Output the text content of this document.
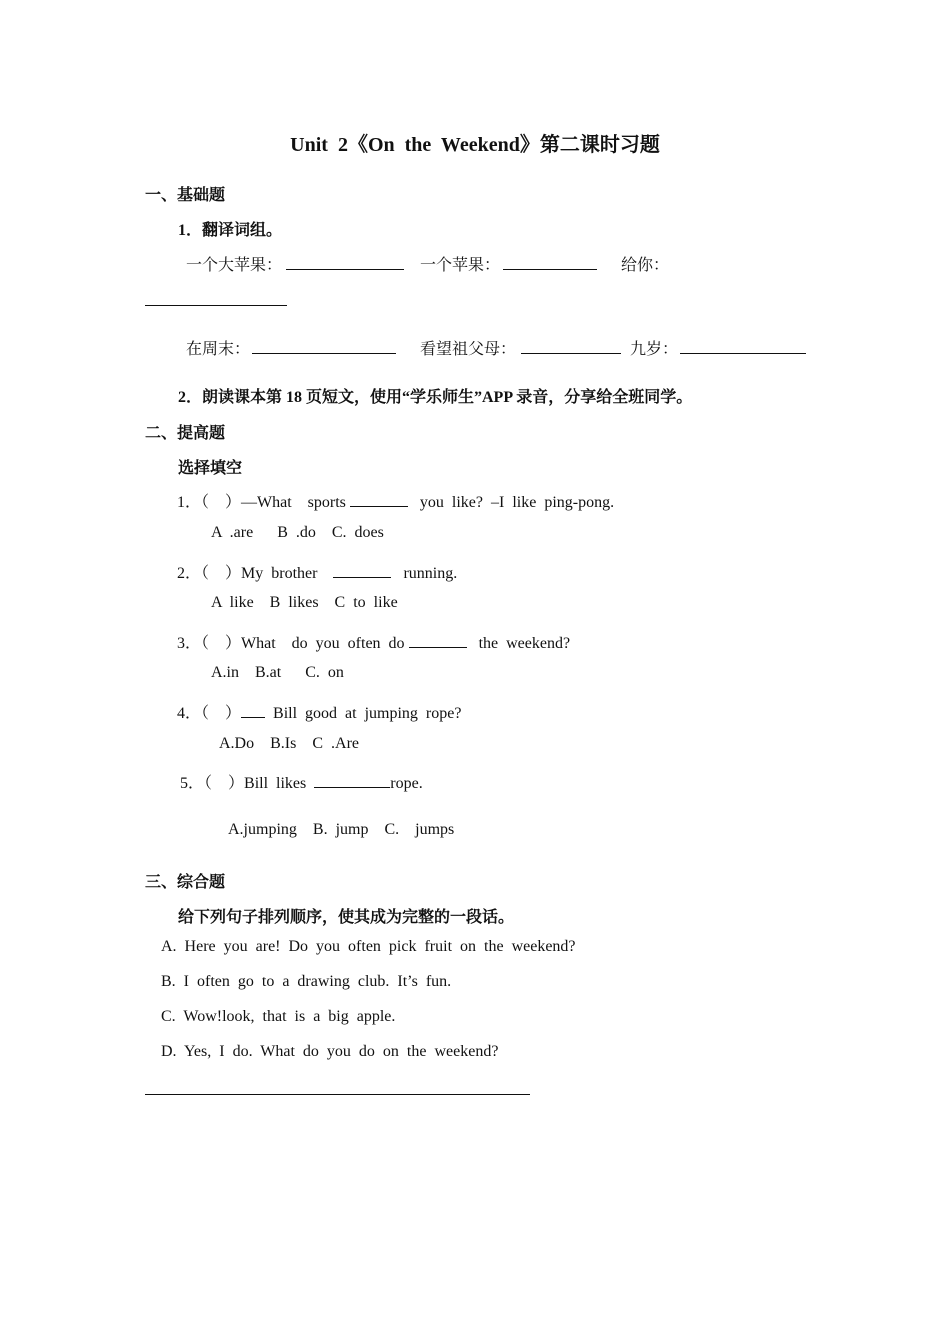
Unit  2《On  the  Weekend》第二课时习题
一、基础题
1．翻译词组。
一个大苹果：	一个苹果：	给你：
在周末：	看望祖父母：	九岁：
2．朗读课本第 18 页短文，使用“学乐师生”APP 录音，分享给全班同学。
二、提高题
选择填空
1．（    ）—What    sports	you  like?  –I  like  ping-pong.
A  .are      B  .do    C.  does
2．（    ）My  brother	running.
A  like    B  likes    C  to  like
3．（    ）What    do  you  often  do	the  weekend?
A.in    B.at      C.  on
4．（    ）  Bill  good  at  jumping  rope?
A.Do    B.Is    C  .Are
5．（    ）Bill  likes	rope.
A.jumping    B.  jump    C.    jumps
三、综合题
给下列句子排列顺序，使其成为完整的一段话。
A.  Here  you  are!  Do  you  often  pick  fruit  on  the  weekend?
B.  I  often  go  to  a  drawing  club.  It’s  fun.
C.  Wow!look,  that  is  a  big  apple.
D.  Yes,  I  do.  What  do  you  do  on  the  weekend?
